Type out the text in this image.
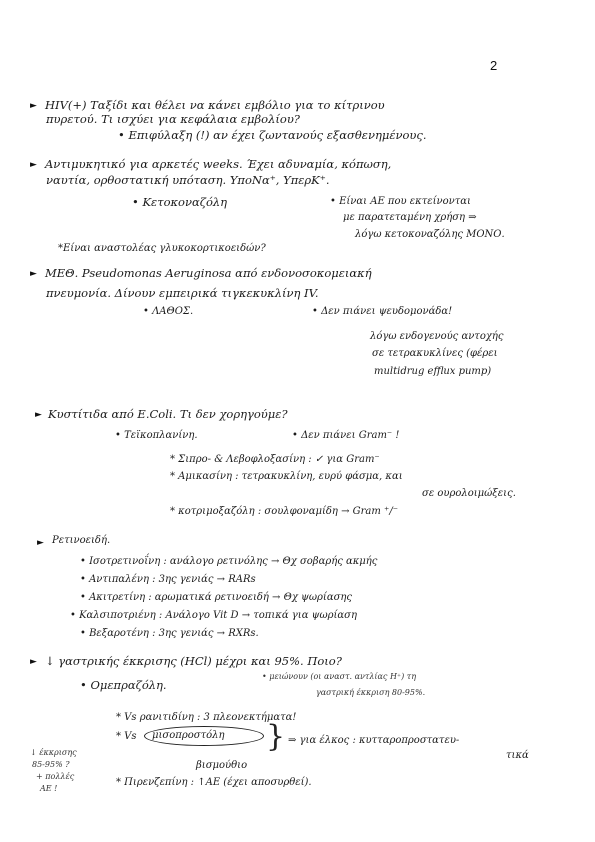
2
► HIV(+) Ταξίδι και θέλει να κάνει εμβόλιο για το κίτρινου
πυρετού. Τι ισχύει για κεφάλαια εμβολίου?
• Επιφύλαξη (!) αν έχει ζωντανούς εξασθενημένους.
► Αντιμυκητικό για αρκετές weeks. Έχει αδυναμία, κόπωση,
ναυτία, ορθοστατική υπόταση. ΥποΝα⁺, ΥπερΚ⁺.
• Κετοκοναζόλη	• Είναι ΑΕ που εκτείνονται
με παρατεταμένη χρήση ⇒
λόγω κετοκοναζόλης ΜΟΝΟ.
*Είναι αναστολέας γλυκοκορτικοειδών?
► ΜΕΘ. Pseudomonas Aeruginosa από ενδονοσοκομειακή
πνευμονία. Δίνουν εμπειρικά τιγκεκυκλίνη IV.
• ΛΑΘΟΣ.	• Δεν πιάνει ψευδομονάδα!
λόγω ενδογενούς αντοχής
σε τετρακυκλίνες (φέρει
multidrug efflux pump)
► Κυστίτιδα από E.Coli. Τι δεν χορηγούμε?
• Τεϊκοπλανίνη.	• Δεν πιάνει Gram⁻ !
* Σιπρο- & Λεβοφλοξασίνη : ✓ για Gram⁻
* Αμικασίνη : τετρακυκλίνη, ευρύ φάσμα, και
σε ουρολοιμώξεις.
* κοτριμοξαζόλη : σουλφοναμίδη → Gram ⁺/⁻
► Ρετινοειδή.
• Ισοτρετινοΐνη : ανάλογο ρετινόλης → Θχ σοβαρής ακμής
• Αντιπαλένη : 3ης γενιάς → RARs
• Ακιτρετίνη : αρωματικά ρετινοειδή → Θχ ψωρίασης
• Καλσιποτριένη : Ανάλογο Vit D → τοπικά για ψωρίαση
• Βεξαροτένη : 3ης γενιάς → RXRs.
► ↓ γαστρικής έκκρισης (HCl) μέχρι και 95%. Ποιο?
• Ομεπραζόλη.
• μειώνουν (οι αναστ. αντλίας H⁺) τη
γαστρική έκκριση 80-95%.
* Vs ρανιτιδίνη : 3 πλεονεκτήματα!
* Vs μισοπροστόλη } ⇒ για έλκος : κυτταροπροστατευ-
τικά
βισμούθιο
* Πιρενζεπίνη : ↑ΑΕ (έχει αποσυρθεί).
↓ έκκρισης
85-95% ?
+ πολλές
ΑΕ !
